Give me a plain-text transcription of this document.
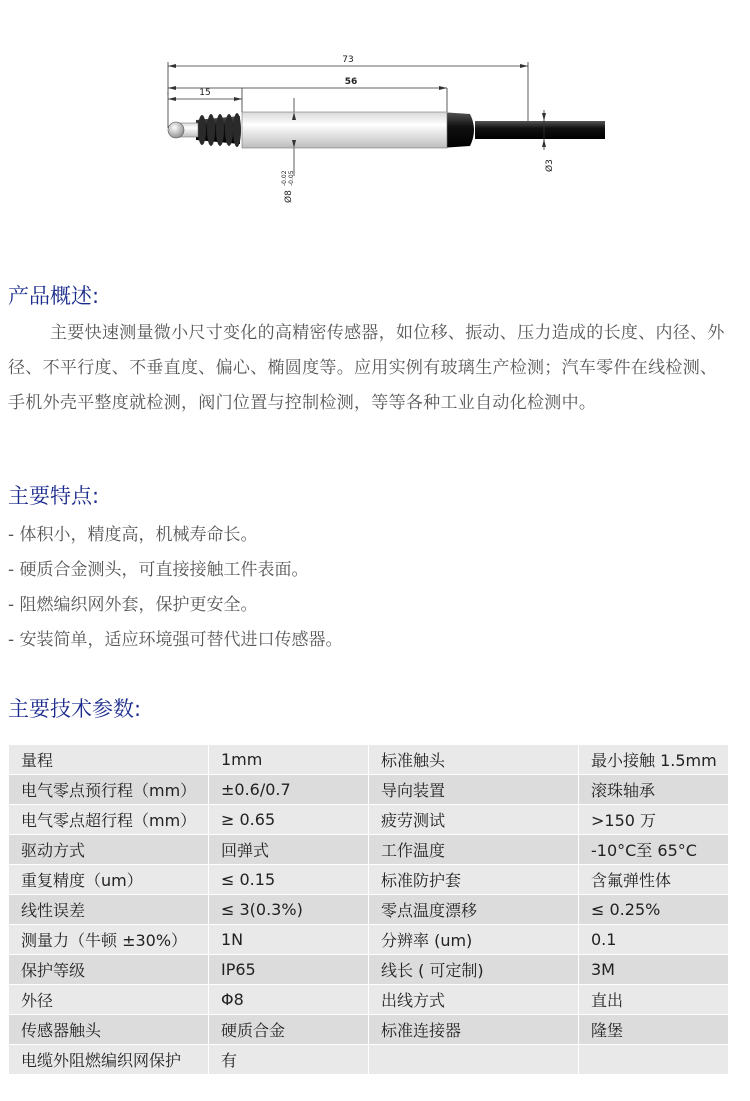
73
56
15
Ø8
-0.02 -0.05
Ø3
产品概述:

主要快速测量微小尺寸变化的高精密传感器，如位移、振动、压力造成的长度、内径、外径、不平行度、不垂直度、偏心、椭圆度等。应用实例有玻璃生产检测；汽车零件在线检测、手机外壳平整度就检测，阀门位置与控制检测，等等各种工业自动化检测中。

主要特点:
- 体积小，精度高，机械寿命长。
- 硬质合金测头，可直接接触工件表面。
- 阻燃编织网外套，保护更安全。
- 安装简单，适应环境强可替代进口传感器。
主要技术参数:
量程	1mm	标准触头	最小接触 1.5mm
电气零点预行程（mm）	±0.6/0.7	导向装置	滚珠轴承
电气零点超行程（mm）	≥ 0.65	疲劳测试	>150 万
驱动方式	回弹式	工作温度	-10°C至 65°C
重复精度（um）	≤ 0.15	标准防护套	含氟弹性体
线性误差	≤ 3(0.3%)	零点温度漂移	≤ 0.25%
测量力（牛顿 ±30%）	1N	分辨率 (um)	0.1
保护等级	IP65	线长 ( 可定制)	3M
外径	Φ8	出线方式	直出
传感器触头	硬质合金	标准连接器	隆堡
电缆外阻燃编织网保护	有		
